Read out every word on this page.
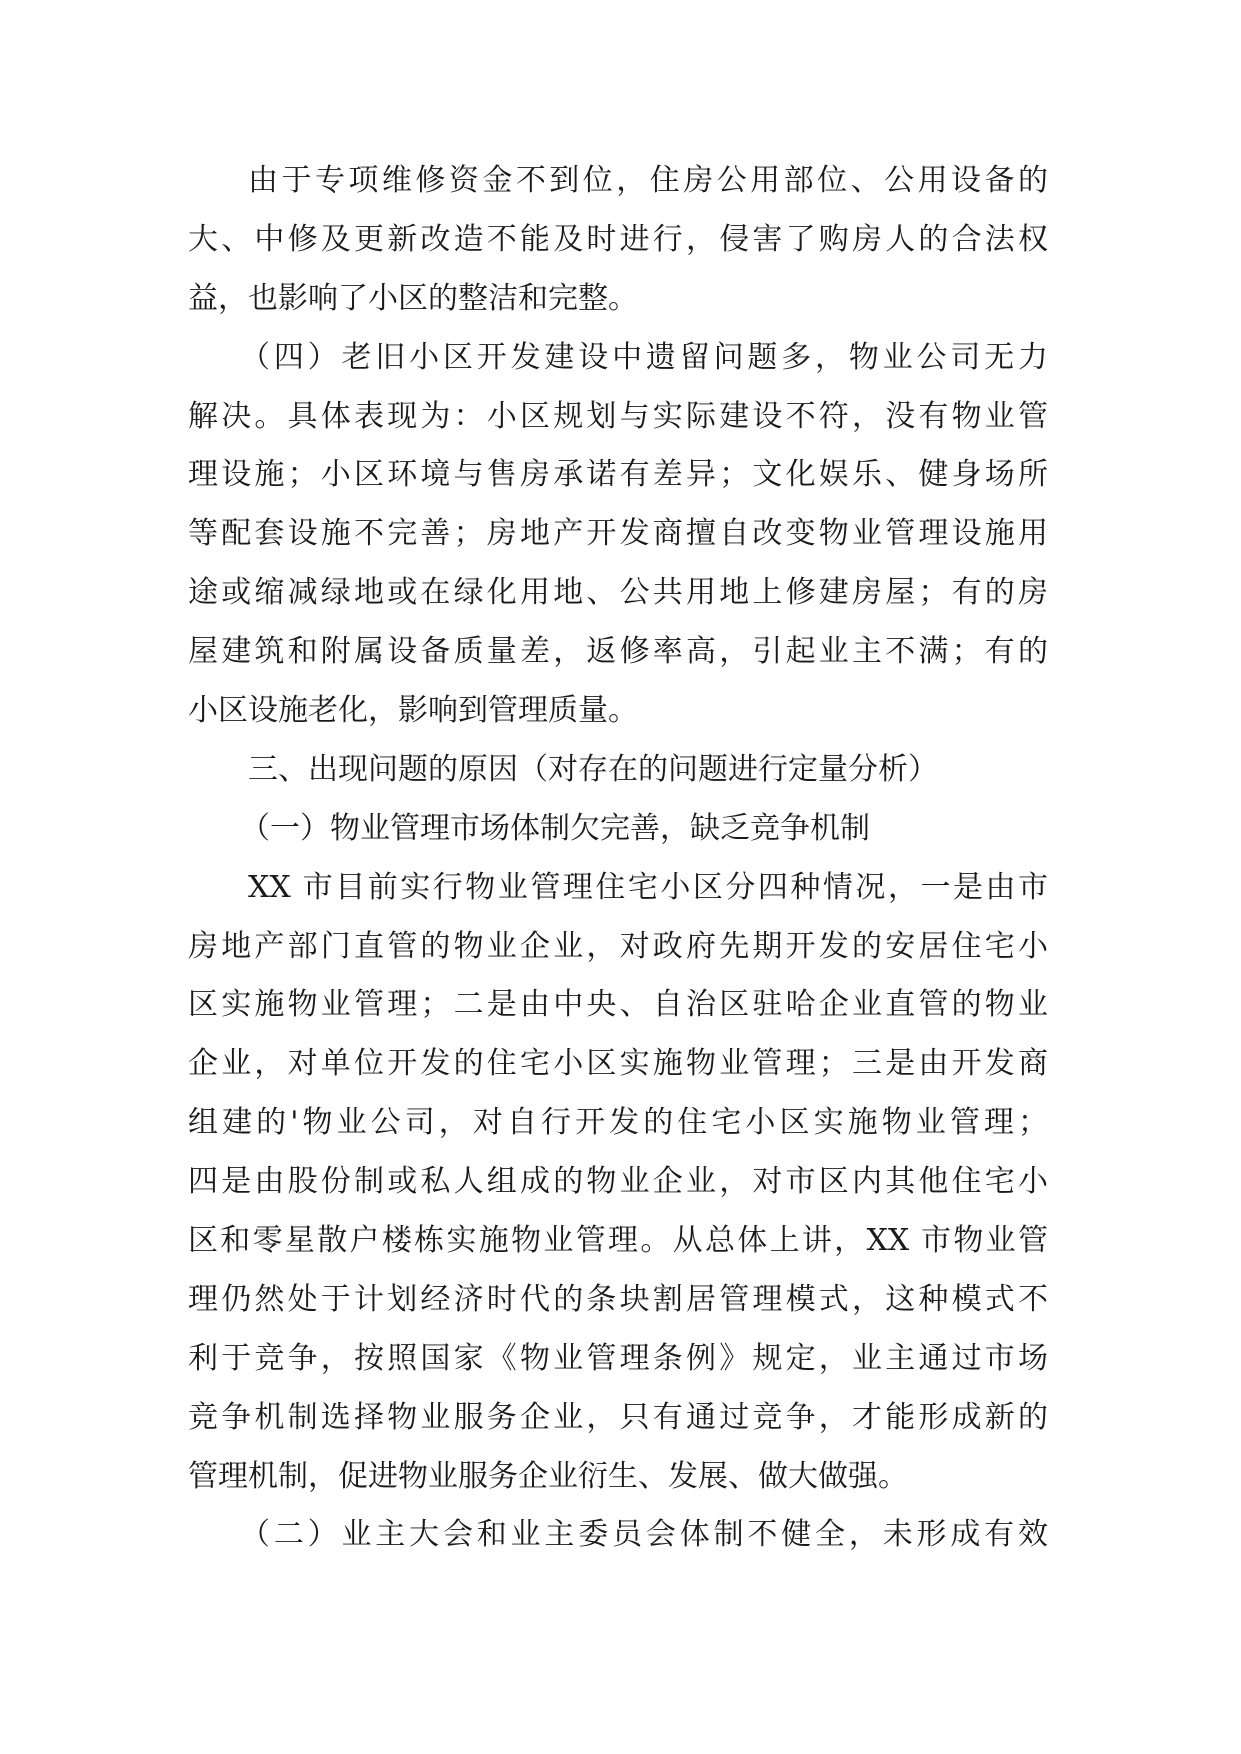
由于专项维修资金不到位，住房公用部位、公用设备的
大、中修及更新改造不能及时进行，侵害了购房人的合法权
益，也影响了小区的整洁和完整。
（四）老旧小区开发建设中遗留问题多，物业公司无力
解决。具体表现为：小区规划与实际建设不符，没有物业管
理设施；小区环境与售房承诺有差异；文化娱乐、健身场所
等配套设施不完善；房地产开发商擅自改变物业管理设施用
途或缩减绿地或在绿化用地、公共用地上修建房屋；有的房
屋建筑和附属设备质量差，返修率高，引起业主不满；有的
小区设施老化，影响到管理质量。
三、出现问题的原因（对存在的问题进行定量分析）
（一）物业管理市场体制欠完善，缺乏竞争机制
XX 市目前实行物业管理住宅小区分四种情况，一是由市
房地产部门直管的物业企业，对政府先期开发的安居住宅小
区实施物业管理；二是由中央、自治区驻哈企业直管的物业
企业，对单位开发的住宅小区实施物业管理；三是由开发商
组建的'物业公司，对自行开发的住宅小区实施物业管理；
四是由股份制或私人组成的物业企业，对市区内其他住宅小
区和零星散户楼栋实施物业管理。从总体上讲，XX 市物业管
理仍然处于计划经济时代的条块割居管理模式，这种模式不
利于竞争，按照国家《物业管理条例》规定，业主通过市场
竞争机制选择物业服务企业，只有通过竞争，才能形成新的
管理机制，促进物业服务企业衍生、发展、做大做强。
（二）业主大会和业主委员会体制不健全，未形成有效
